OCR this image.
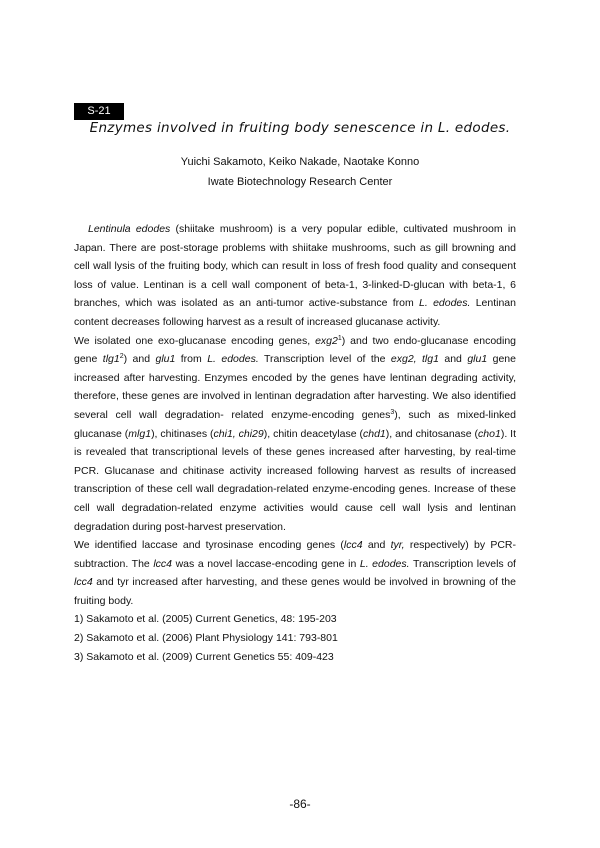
S-21
Enzymes involved in fruiting body senescence in L. edodes.
Yuichi Sakamoto, Keiko Nakade, Naotake Konno
Iwate Biotechnology Research Center

Lentinula edodes (shiitake mushroom) is a very popular edible, cultivated mushroom in Japan. There are post-storage problems with shiitake mushrooms, such as gill browning and cell wall lysis of the fruiting body, which can result in loss of fresh food quality and consequent loss of value. Lentinan is a cell wall component of beta-1, 3-linked-D-glucan with beta-1, 6 branches, which was isolated as an anti-tumor active-substance from L. edodes. Lentinan content decreases following harvest as a result of increased glucanase activity.

We isolated one exo-glucanase encoding genes, $exg2^1$) and two endo-glucanase encoding gene $tlg1^2$) and glu1 from L. edodes. Transcription level of the exg2, tlg1 and glu1 gene increased after harvesting. Enzymes encoded by the genes have lentinan degrading activity, therefore, these genes are involved in lentinan degradation after harvesting. We also identified several cell wall degradation- related enzyme-encoding genes$^3$), such as mixed-linked glucanase (mlg1), chitinases (chi1, chi29), chitin deacetylase (chd1), and chitosanase (cho1). It is revealed that transcriptional levels of these genes increased after harvesting, by real-time PCR. Glucanase and chitinase activity increased following harvest as results of increased transcription of these cell wall degradation-related enzyme-encoding genes. Increase of these cell wall degradation-related enzyme activities would cause cell wall lysis and lentinan degradation during post-harvest preservation.

We identified laccase and tyrosinase encoding genes (lcc4 and tyr, respectively) by PCR-subtraction. The lcc4 was a novel laccase-encoding gene in L. edodes. Transcription levels of lcc4 and tyr increased after harvesting, and these genes would be involved in browning of the fruiting body.

1) Sakamoto et al. (2005) Current Genetics, 48: 195-203
2) Sakamoto et al. (2006) Plant Physiology 141: 793-801
3) Sakamoto et al. (2009) Current Genetics 55: 409-423
-86-
